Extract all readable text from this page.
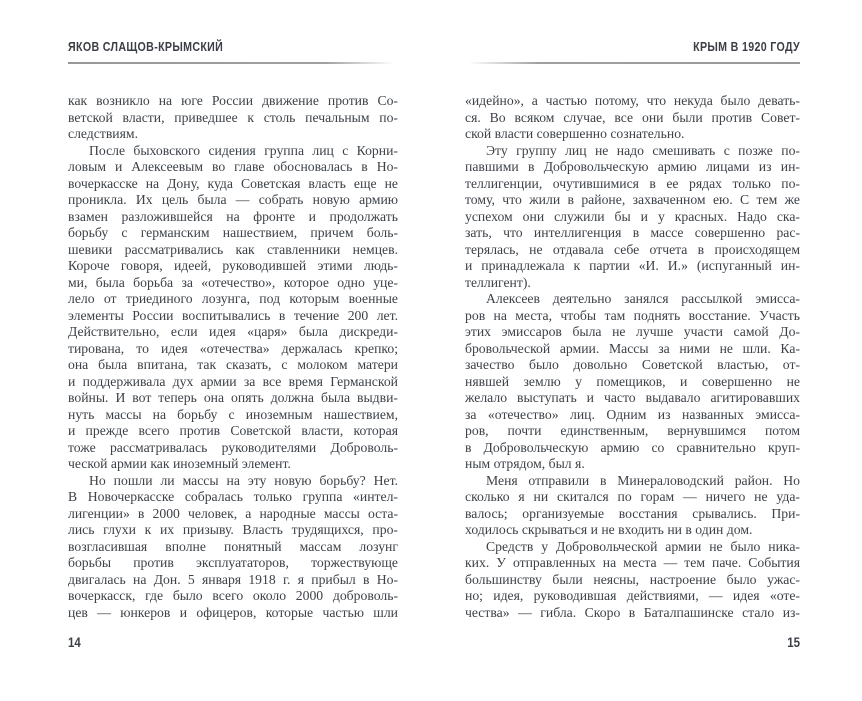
ЯКОВ СЛАЩОВ-КРЫМСКИЙ
как возникло на юге России движение против Со-
ветской власти, приведшее к столь печальным по-
следствиям.
После быховского сидения группа лиц с Корни-
ловым и Алексеевым во главе обосновалась в Но-
вочеркасске на Дону, куда Советская власть еще не
проникла. Их цель была — собрать новую армию
взамен разложившейся на фронте и продолжать
борьбу с германским нашествием, причем боль-
шевики рассматривались как ставленники немцев.
Короче говоря, идеей, руководившей этими людь-
ми, была борьба за «отечество», которое одно уце-
лело от триединого лозунга, под которым военные
элементы России воспитывались в течение 200 лет.
Действительно, если идея «царя» была дискреди-
тирована, то идея «отечества» держалась крепко;
она была впитана, так сказать, с молоком матери
и поддерживала дух армии за все время Германской
войны. И вот теперь она опять должна была выдви-
нуть массы на борьбу с иноземным нашествием,
и прежде всего против Советской власти, которая
тоже рассматривалась руководителями Доброволь-
ческой армии как иноземный элемент.
Но пошли ли массы на эту новую борьбу? Нет.
В Новочеркасске собралась только группа «интел-
лигенции» в 2000 человек, а народные массы оста-
лись глухи к их призыву. Власть трудящихся, про-
возгласившая вполне понятный массам лозунг
борьбы против эксплуататоров, торжествующе
двигалась на Дон. 5 января 1918 г. я прибыл в Но-
вочеркасск, где было всего около 2000 доброволь-
цев — юнкеров и офицеров, которые частью шли
14
КРЫМ В 1920 ГОДУ
«идейно», а частью потому, что некуда было девать-
ся. Во всяком случае, все они были против Совет-
ской власти совершенно сознательно.
Эту группу лиц не надо смешивать с позже по-
павшими в Добровольческую армию лицами из ин-
теллигенции, очутившимися в ее рядах только по-
тому, что жили в районе, захваченном ею. С тем же
успехом они служили бы и у красных. Надо ска-
зать, что интеллигенция в массе совершенно рас-
терялась, не отдавала себе отчета в происходящем
и принадлежала к партии «И. И.» (испуганный ин-
теллигент).
Алексеев деятельно занялся рассылкой эмисса-
ров на места, чтобы там поднять восстание. Участь
этих эмиссаров была не лучше участи самой До-
бровольческой армии. Массы за ними не шли. Ка-
зачество было довольно Советской властью, от-
нявшей землю у помещиков, и совершенно не
желало выступать и часто выдавало агитировавших
за «отечество» лиц. Одним из названных эмисса-
ров, почти единственным, вернувшимся потом
в Добровольческую армию со сравнительно круп-
ным отрядом, был я.
Меня отправили в Минераловодский район. Но
сколько я ни скитался по горам — ничего не уда-
валось; организуемые восстания срывались. При-
ходилось скрываться и не входить ни в один дом.
Средств у Добровольческой армии не было ника-
ких. У отправленных на места — тем паче. События
большинству были неясны, настроение было ужас-
но; идея, руководившая действиями, — идея «оте-
чества» — гибла. Скоро в Баталпашинске стало из-
15
